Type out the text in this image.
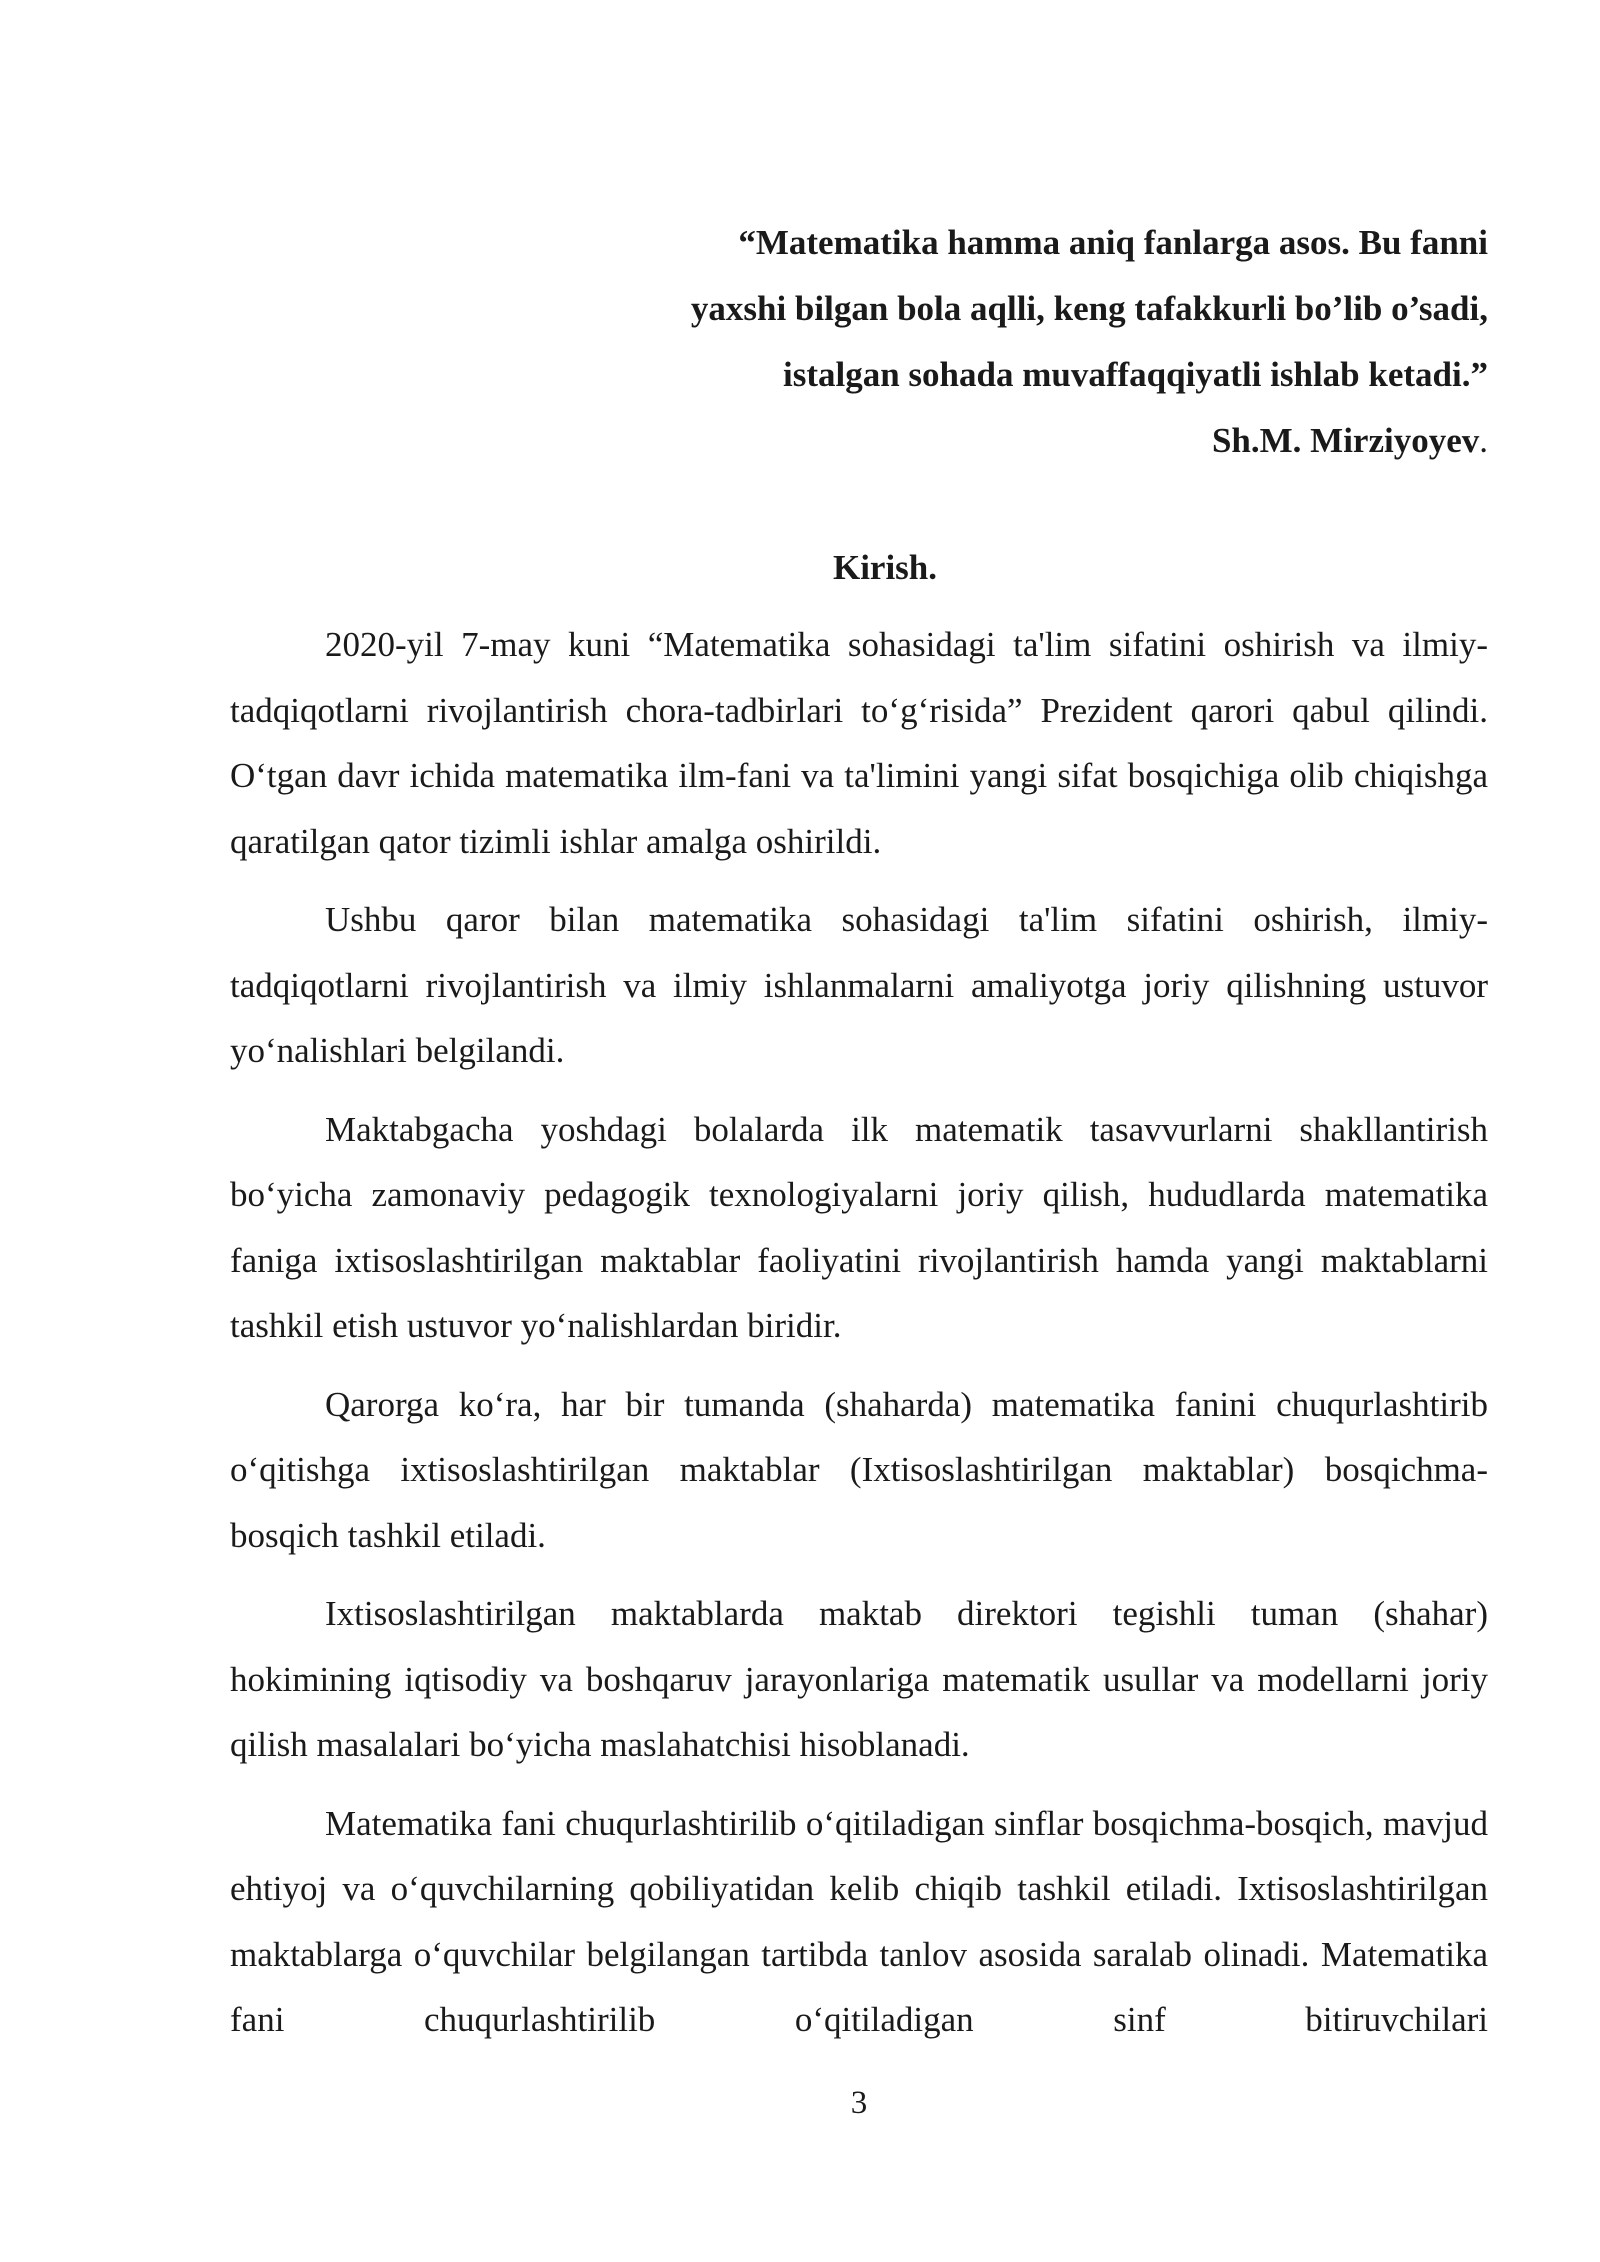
“Matematika hamma aniq fanlarga asos. Bu fanni
yaxshi bilgan bola aqlli, keng tafakkurli bo’lib o’sadi,
istalgan sohada muvaffaqqiyatli ishlab ketadi.”
Sh.M. Mirziyoyev.
Kirish.

2020-yil 7-may kuni “Matematika sohasidagi ta'lim sifatini oshirish va ilmiy-tadqiqotlarni rivojlantirish chora-tadbirlari to‘g‘risida” Prezident qarori qabul qilindi. O‘tgan davr ichida matematika ilm-fani va ta'limini yangi sifat bosqichiga olib chiqishga qaratilgan qator tizimli ishlar amalga oshirildi.

Ushbu qaror bilan matematika sohasidagi ta'lim sifatini oshirish, ilmiy-tadqiqotlarni rivojlantirish va ilmiy ishlanmalarni amaliyotga joriy qilishning ustuvor yo‘nalishlari belgilandi.

Maktabgacha yoshdagi bolalarda ilk matematik tasavvurlarni shakllantirish bo‘yicha zamonaviy pedagogik texnologiyalarni joriy qilish, hududlarda matematika faniga ixtisoslashtirilgan maktablar faoliyatini rivojlantirish hamda yangi maktablarni tashkil etish ustuvor yo‘nalishlardan biridir.

Qarorga ko‘ra, har bir tumanda (shaharda) matematika fanini chuqurlashtirib o‘qitishga ixtisoslashtirilgan maktablar (Ixtisoslashtirilgan maktablar) bosqichma-bosqich tashkil etiladi.

Ixtisoslashtirilgan maktablarda maktab direktori tegishli tuman (shahar) hokimining iqtisodiy va boshqaruv jarayonlariga matematik usullar va modellarni joriy qilish masalalari bo‘yicha maslahatchisi hisoblanadi.

Matematika fani chuqurlashtirilib o‘qitiladigan sinflar bosqichma-bosqich, mavjud ehtiyoj va o‘quvchilarning qobiliyatidan kelib chiqib tashkil etiladi. Ixtisoslashtirilgan maktablarga o‘quvchilar belgilangan tartibda tanlov asosida saralab olinadi. Matematika fani chuqurlashtirilib o‘qitiladigan sinf bitiruvchilari

3
